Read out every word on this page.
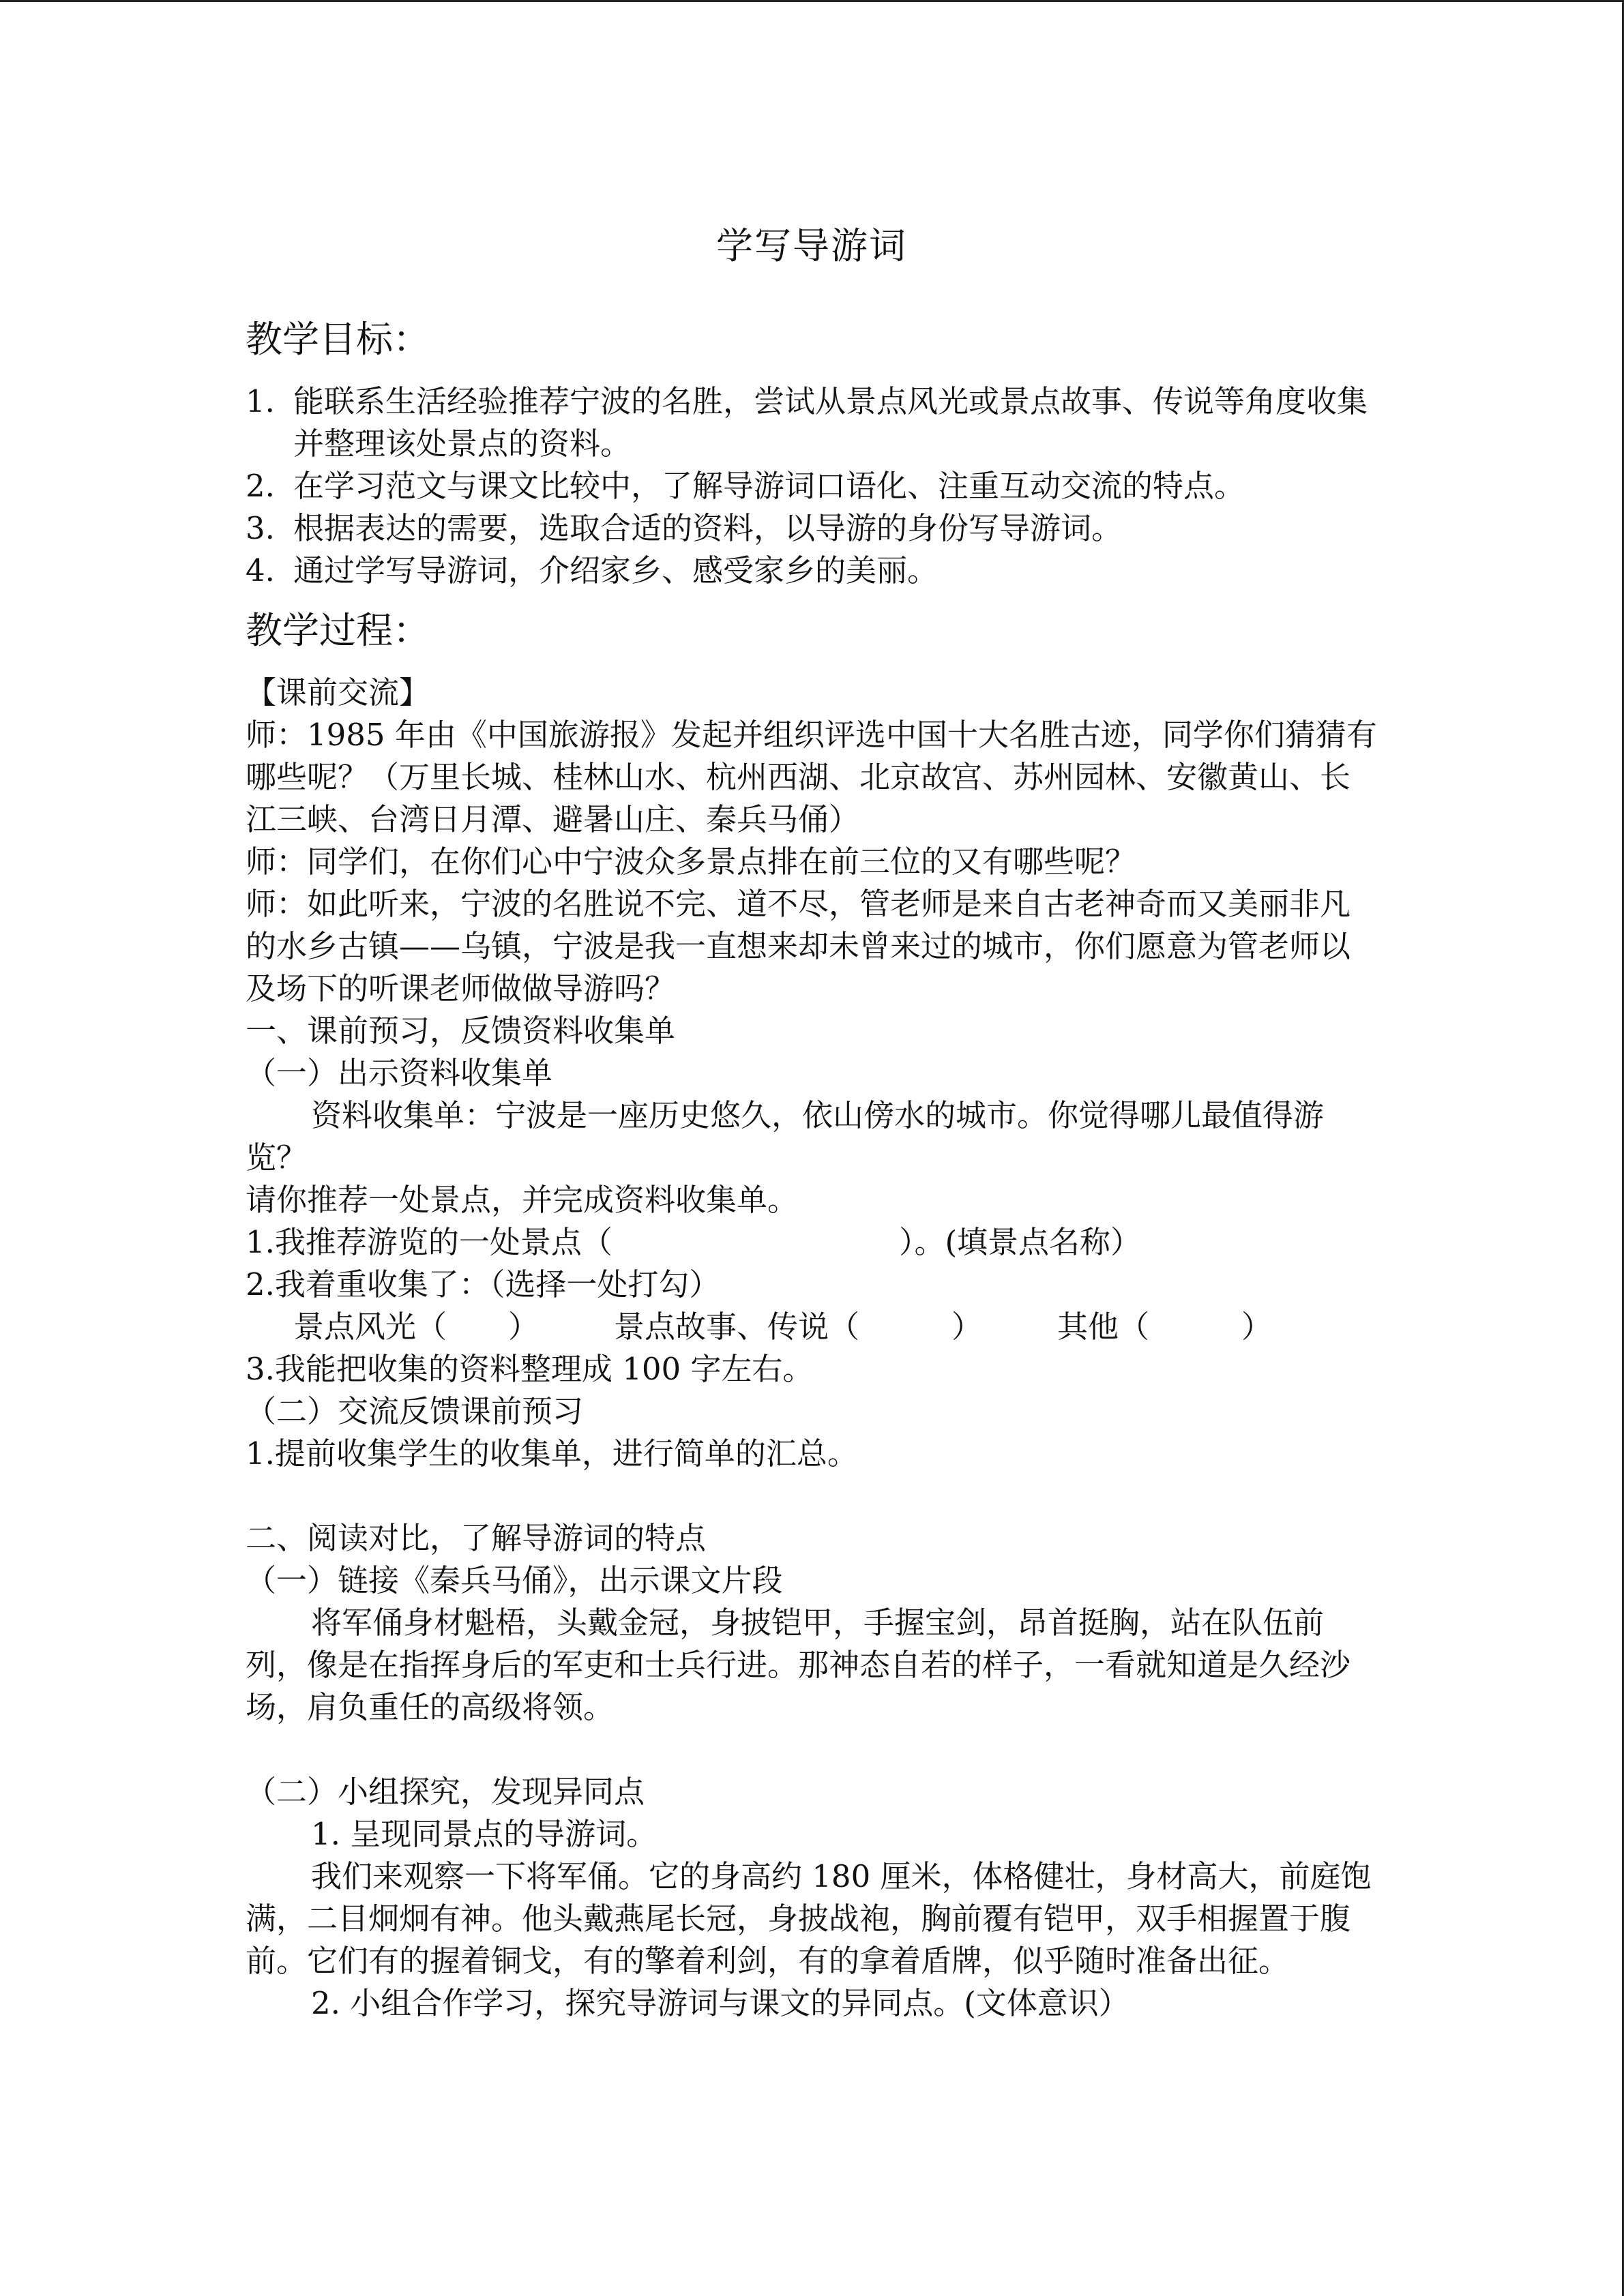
学写导游词
教学目标：
1. 能联系生活经验推荐宁波的名胜，尝试从景点风光或景点故事、传说等角度收集并整理该处景点的资料。
2. 在学习范文与课文比较中，了解导游词口语化、注重互动交流的特点。
3. 根据表达的需要，选取合适的资料，以导游的身份写导游词。
4. 通过学写导游词，介绍家乡、感受家乡的美丽。
教学过程：

【课前交流】

师：1985 年由《中国旅游报》发起并组织评选中国十大名胜古迹，同学你们猜猜有哪些呢？（万里长城、桂林山水、杭州西湖、北京故宫、苏州园林、安徽黄山、长江三峡、台湾日月潭、避暑山庄、秦兵马俑）

师：同学们，在你们心中宁波众多景点排在前三位的又有哪些呢？

师：如此听来，宁波的名胜说不完、道不尽，管老师是来自古老神奇而又美丽非凡的水乡古镇——乌镇，宁波是我一直想来却未曾来过的城市，你们愿意为管老师以及场下的听课老师做做导游吗？

一、课前预习，反馈资料收集单

（一）出示资料收集单

资料收集单：宁波是一座历史悠久，依山傍水的城市。你觉得哪儿最值得游览？

请你推荐一处景点，并完成资料收集单。

1.我推荐游览的一处景点（	）。(填景点名称）

2.我着重收集了：（选择一处打勾）

景点风光（　　）	景点故事、传说（　　　）	其他（　　　）

3.我能把收集的资料整理成 100 字左右。

（二）交流反馈课前预习

1.提前收集学生的收集单，进行简单的汇总。

二、阅读对比，了解导游词的特点

（一）链接《秦兵马俑》，出示课文片段

将军俑身材魁梧，头戴金冠，身披铠甲，手握宝剑，昂首挺胸，站在队伍前列，像是在指挥身后的军吏和士兵行进。那神态自若的样子，一看就知道是久经沙场，肩负重任的高级将领。

（二）小组探究，发现异同点

1. 呈现同景点的导游词。

我们来观察一下将军俑。它的身高约 180 厘米，体格健壮，身材高大，前庭饱满，二目炯炯有神。他头戴燕尾长冠，身披战袍，胸前覆有铠甲，双手相握置于腹前。它们有的握着铜戈，有的擎着利剑，有的拿着盾牌，似乎随时准备出征。

2. 小组合作学习，探究导游词与课文的异同点。(文体意识）
